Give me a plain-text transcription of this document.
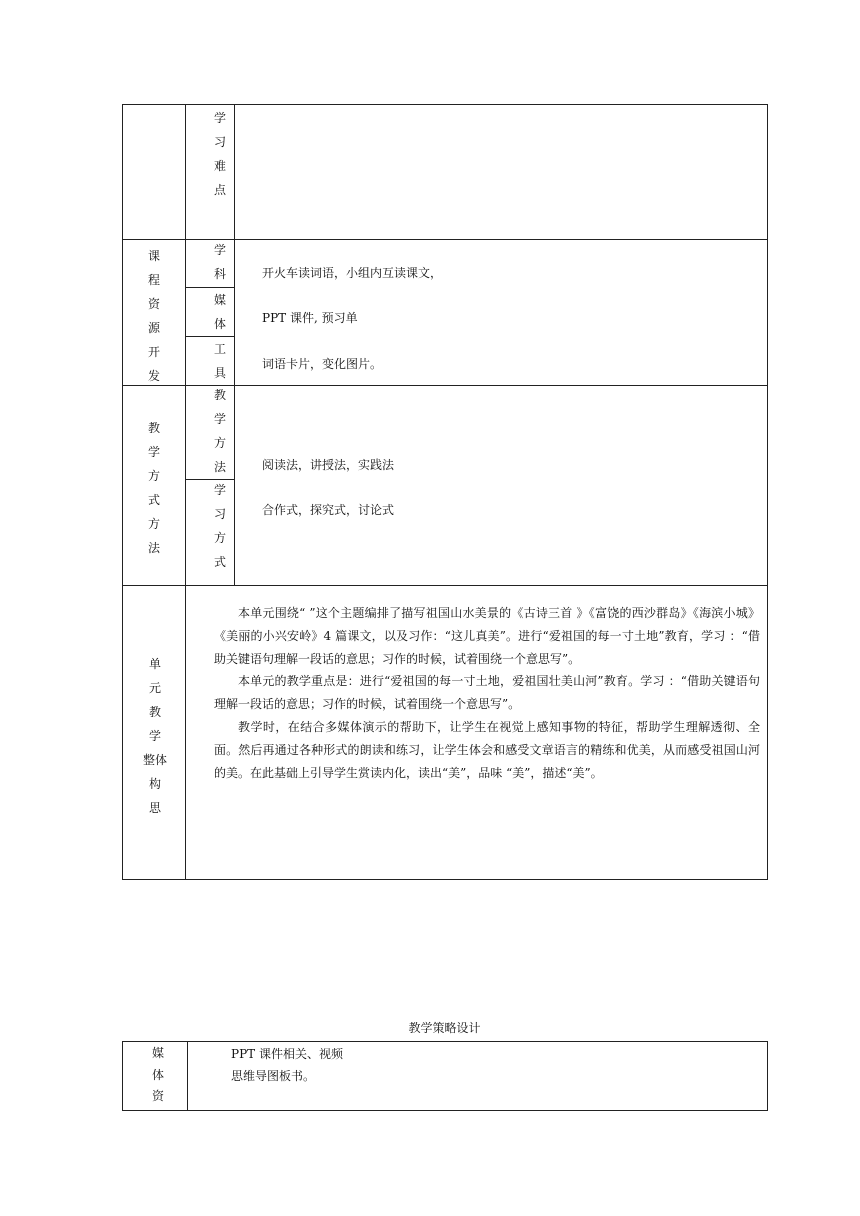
学
习
难
点
课
程
资
源
开
发
学
科
媒
体
工
具
开火车读词语，小组内互读课文，
PPT 课件, 预习单
词语卡片，变化图片。
教
学
方
式
方
法
教
学
方
法
学
习
方
式
阅读法，讲授法，实践法
合作式，探究式，讨论式
单
元
教
学
整体
构
思

本单元围绕“ ”这个主题编排了描写祖国山水美景的《古诗三首 》《富饶的西沙群岛》《海滨小城》《美丽的小兴安岭》4 篇课文，以及习作：“这儿真美”。进行“爱祖国的每一寸土地”教育，学习 ：“借助关键语句理解一段话的意思；习作的时候，试着围绕一个意思写”。

本单元的教学重点是：进行“爱祖国的每一寸土地，爱祖国壮美山河”教育。学习 ：“借助关键语句理解一段话的意思；习作的时候，试着围绕一个意思写”。

教学时，在结合多媒体演示的帮助下，让学生在视觉上感知事物的特征，帮助学生理解透彻、全面。然后再通过各种形式的朗读和练习，让学生体会和感受文章语言的精练和优美，从而感受祖国山河的美。在此基础上引导学生赏读内化，读出“美”，品味 “美”，描述“美”。

教学策略设计
媒
体
资
PPT 课件相关、视频
思维导图板书。
